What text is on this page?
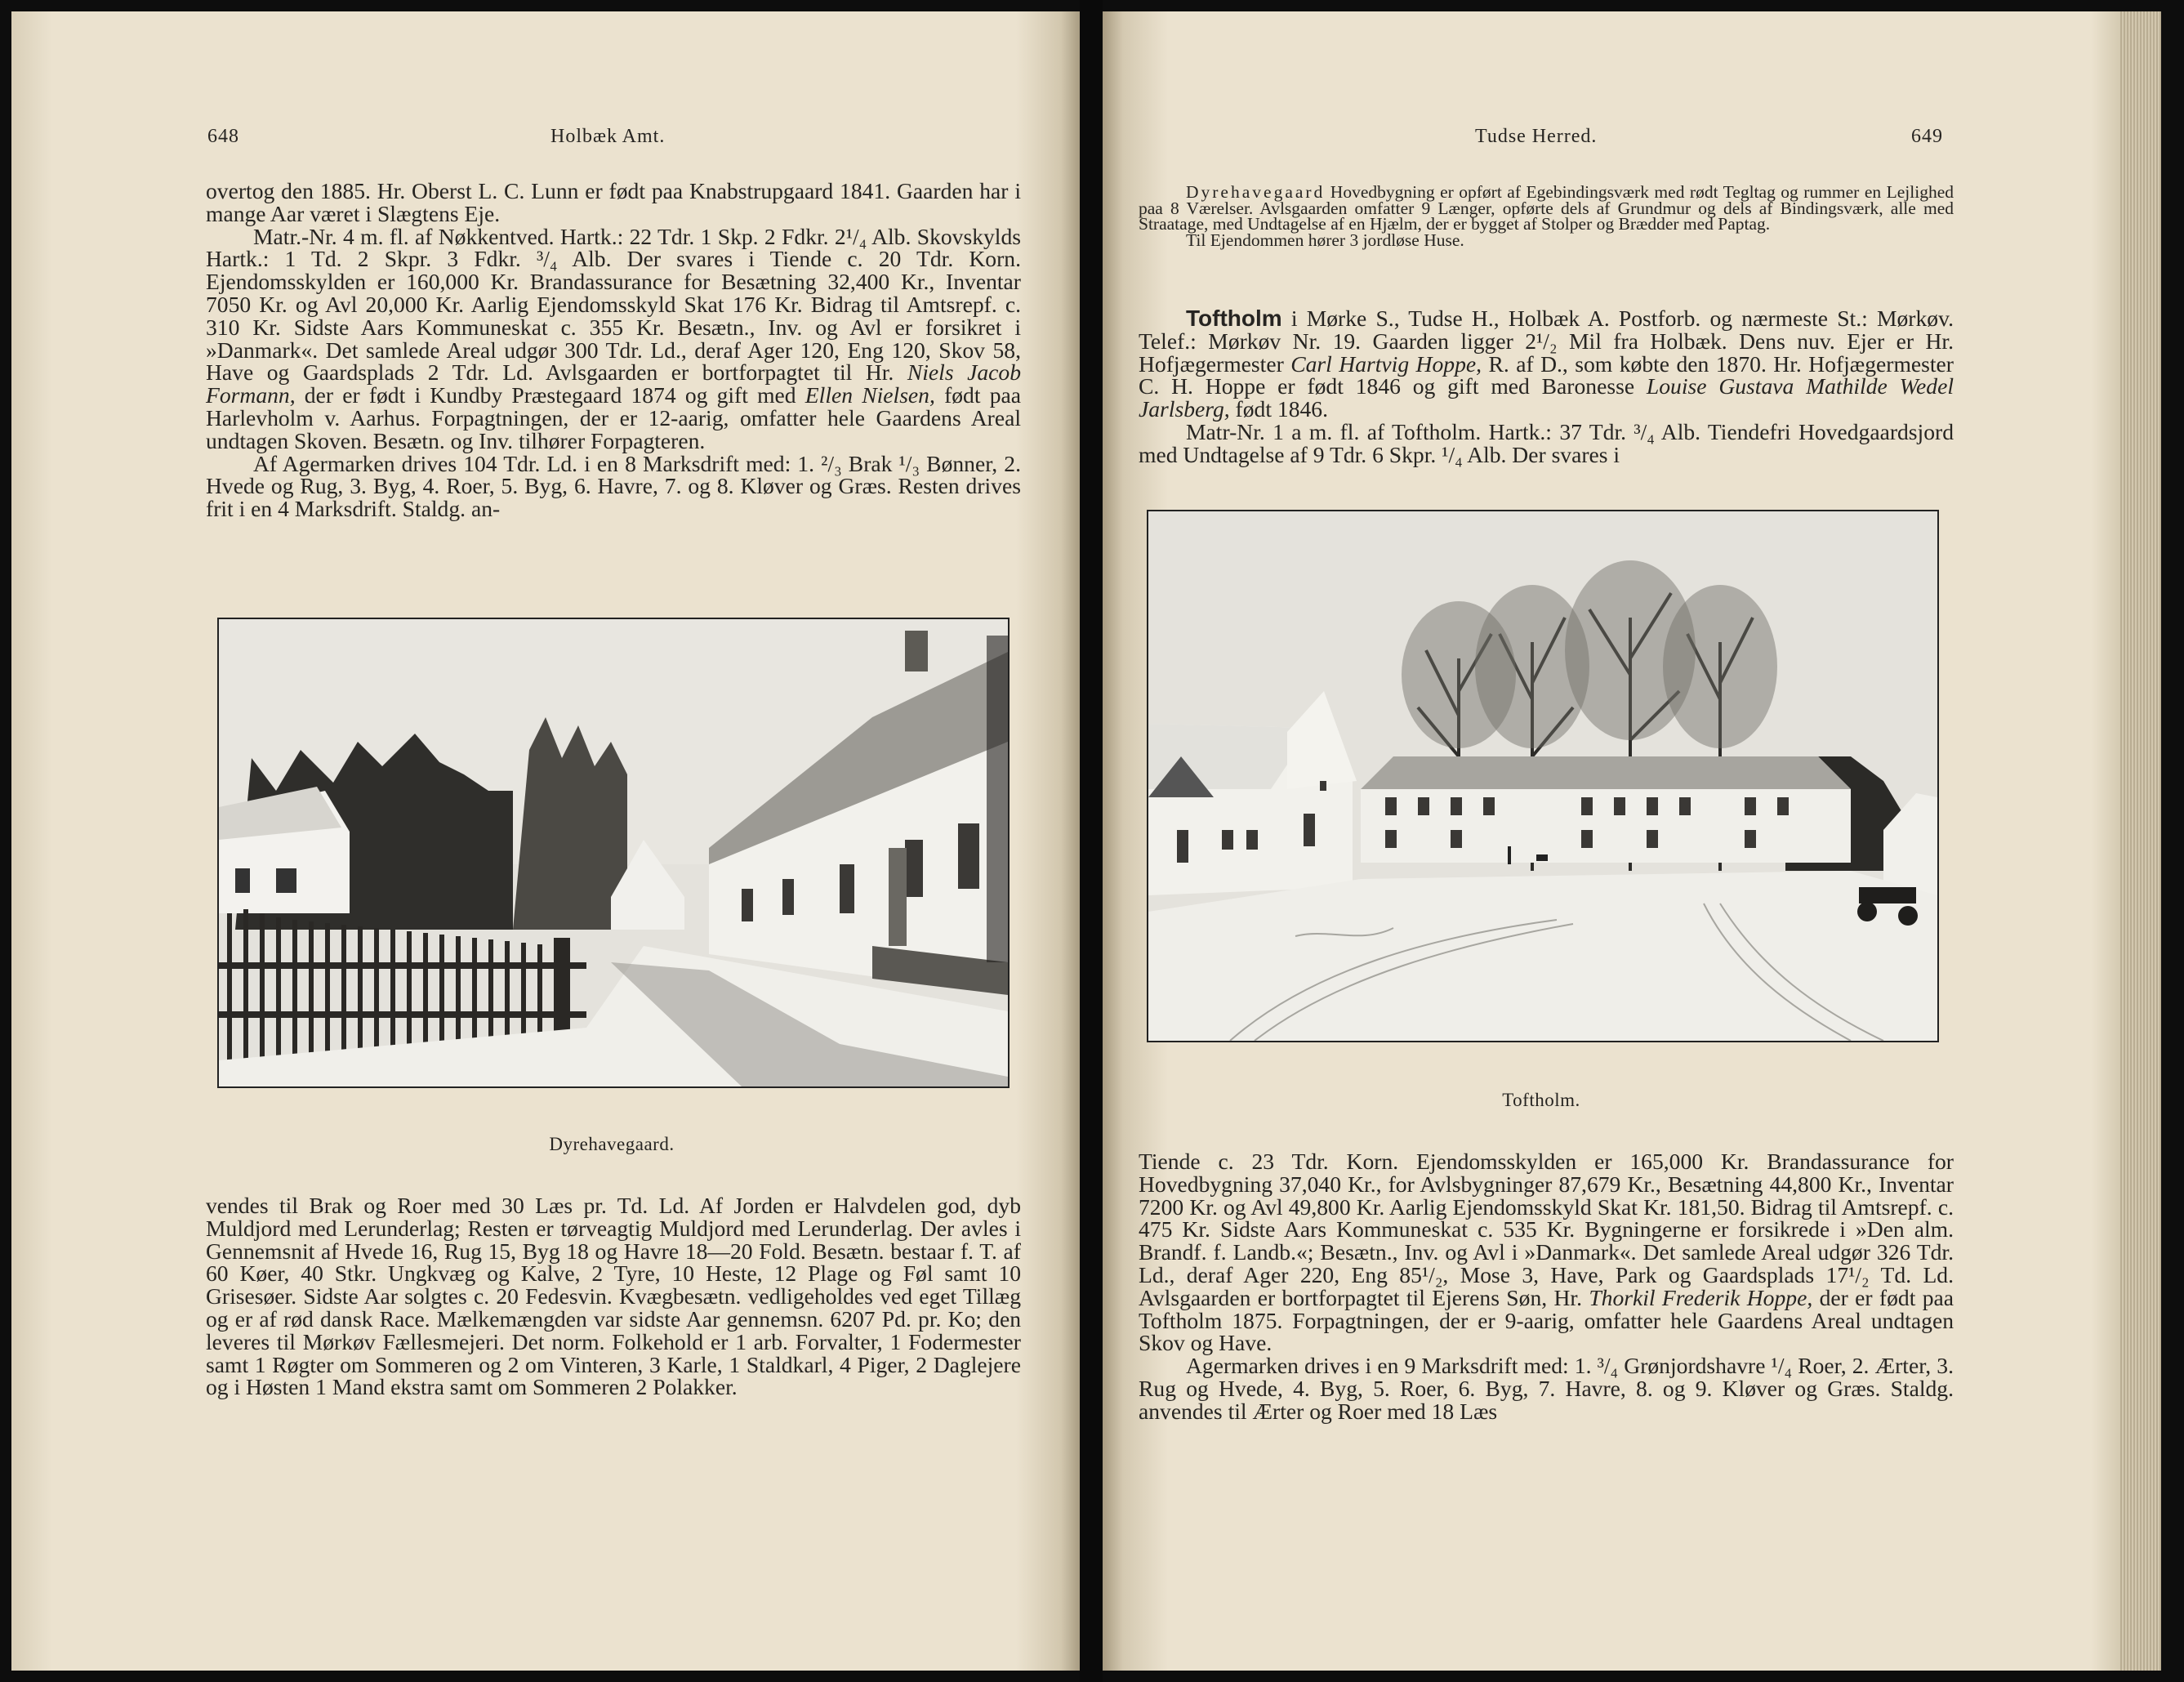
648	Holbæk Amt.

overtog den 1885. Hr. Oberst L. C. Lunn er født paa Knabstrupgaard 1841. Gaarden har i mange Aar været i Slægtens Eje.

Matr.-Nr. 4 m. fl. af Nøkkentved. Hartk.: 22 Tdr. 1 Skp. 2 Fdkr. 2¹/₄ Alb. Skovskylds Hartk.: 1 Td. 2 Skpr. 3 Fdkr. ³/₄ Alb. Der svares i Tiende c. 20 Tdr. Korn. Ejendomsskylden er 160,000 Kr. Brandassurance for Besætning 32,400 Kr., Inventar 7050 Kr. og Avl 20,000 Kr. Aarlig Ejendomsskyld Skat 176 Kr. Bidrag til Amtsrepf. c. 310 Kr. Sidste Aars Kommuneskat c. 355 Kr. Besætn., Inv. og Avl er forsikret i »Danmark«. Det samlede Areal udgør 300 Tdr. Ld., deraf Ager 120, Eng 120, Skov 58, Have og Gaardsplads 2 Tdr. Ld. Avlsgaarden er bortforpagtet til Hr. Niels Jacob Formann, der er født i Kundby Præstegaard 1874 og gift med Ellen Nielsen, født paa Harlevholm v. Aarhus. Forpagtningen, der er 12-aarig, omfatter hele Gaardens Areal undtagen Skoven. Besætn. og Inv. tilhører Forpagteren.

Af Agermarken drives 104 Tdr. Ld. i en 8 Marksdrift med: 1. ²/₃ Brak ¹/₃ Bønner, 2. Hvede og Rug, 3. Byg, 4. Roer, 5. Byg, 6. Havre, 7. og 8. Kløver og Græs. Resten drives frit i en 4 Marksdrift. Staldg. an-

Dyrehavegaard.

vendes til Brak og Roer med 30 Læs pr. Td. Ld. Af Jorden er Halvdelen god, dyb Muldjord med Lerunderlag; Resten er tørveagtig Muldjord med Lerunderlag. Der avles i Gennemsnit af Hvede 16, Rug 15, Byg 18 og Havre 18—20 Fold. Besætn. bestaar f. T. af 60 Køer, 40 Stkr. Ungkvæg og Kalve, 2 Tyre, 10 Heste, 12 Plage og Føl samt 10 Grisesøer. Sidste Aar solgtes c. 20 Fedesvin. Kvægbesætn. vedligeholdes ved eget Tillæg og er af rød dansk Race. Mælkemængden var sidste Aar gennemsn. 6207 Pd. pr. Ko; den leveres til Mørkøv Fællesmejeri. Det norm. Folkehold er 1 arb. Forvalter, 1 Fodermester samt 1 Røgter om Sommeren og 2 om Vinteren, 3 Karle, 1 Staldkarl, 4 Piger, 2 Daglejere og i Høsten 1 Mand ekstra samt om Sommeren 2 Polakker.

Tudse Herred.	649

Dyrehavegaard Hovedbygning er opført af Egebindingsværk med rødt Tegltag og rummer en Lejlighed paa 8 Værelser. Avlsgaarden omfatter 9 Længer, opførte dels af Grundmur og dels af Bindingsværk, alle med Straatage, med Undtagelse af en Hjælm, der er bygget af Stolper og Brædder med Paptag.

Til Ejendommen hører 3 jordløse Huse.

Toftholm i Mørke S., Tudse H., Holbæk A. Postforb. og nærmeste St.: Mørkøv. Telef.: Mørkøv Nr. 19. Gaarden ligger 2¹/₂ Mil fra Holbæk. Dens nuv. Ejer er Hr. Hofjægermester Carl Hartvig Hoppe, R. af D., som købte den 1870. Hr. Hofjægermester C. H. Hoppe er født 1846 og gift med Baronesse Louise Gustava Mathilde Wedel Jarlsberg, født 1846.

Matr-Nr. 1 a m. fl. af Toftholm. Hartk.: 37 Tdr. ³/₄ Alb. Tiendefri Hovedgaardsjord med Undtagelse af 9 Tdr. 6 Skpr. ¹/₄ Alb. Der svares i

Toftholm.

Tiende c. 23 Tdr. Korn. Ejendomsskylden er 165,000 Kr. Brandassurance for Hovedbygning 37,040 Kr., for Avlsbygninger 87,679 Kr., Besætning 44,800 Kr., Inventar 7200 Kr. og Avl 49,800 Kr. Aarlig Ejendomsskyld Skat Kr. 181,50. Bidrag til Amtsrepf. c. 475 Kr. Sidste Aars Kommuneskat c. 535 Kr. Bygningerne er forsikrede i »Den alm. Brandf. f. Landb.«; Besætn., Inv. og Avl i »Danmark«. Det samlede Areal udgør 326 Tdr. Ld., deraf Ager 220, Eng 85¹/₂, Mose 3, Have, Park og Gaardsplads 17¹/₂ Td. Ld. Avlsgaarden er bortforpagtet til Ejerens Søn, Hr. Thorkil Frederik Hoppe, der er født paa Toftholm 1875. Forpagtningen, der er 9-aarig, omfatter hele Gaardens Areal undtagen Skov og Have.

Agermarken drives i en 9 Marksdrift med: 1. ³/₄ Grønjordshavre ¹/₄ Roer, 2. Ærter, 3. Rug og Hvede, 4. Byg, 5. Roer, 6. Byg, 7. Havre, 8. og 9. Kløver og Græs. Staldg. anvendes til Ærter og Roer med 18 Læs
